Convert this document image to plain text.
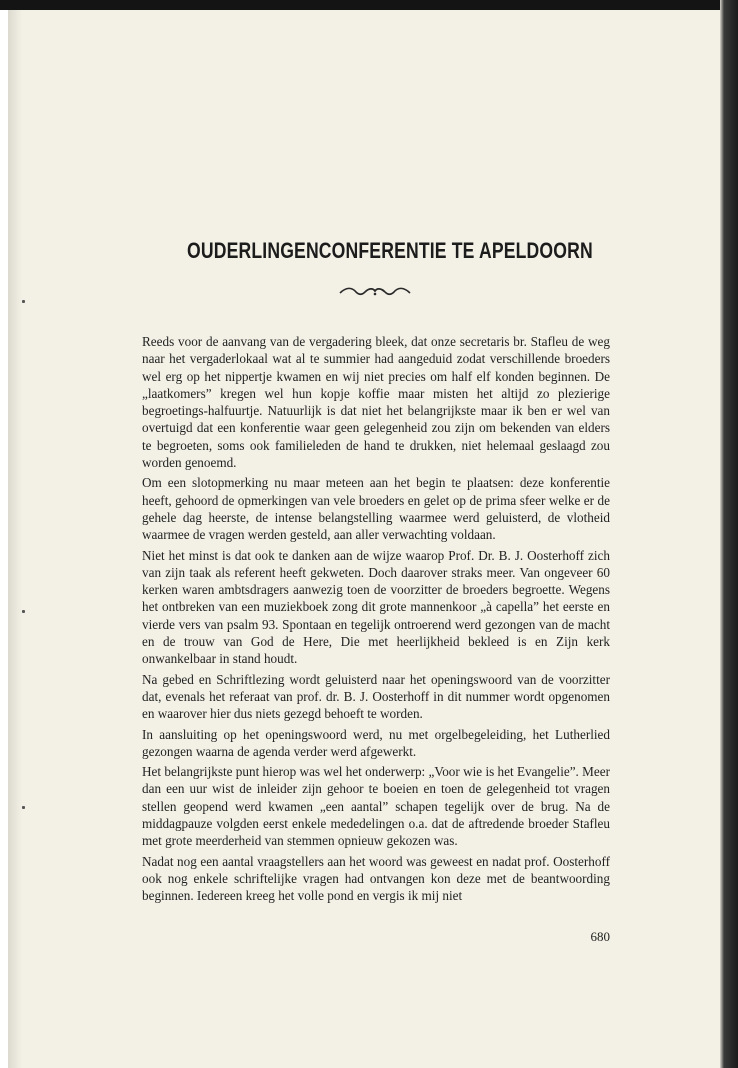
OUDERLINGENCONFERENTIE TE APELDOORN

Reeds voor de aanvang van de vergadering bleek, dat onze secretaris br. Stafleu de weg naar het vergaderlokaal wat al te summier had aangeduid zodat verschillende broeders wel erg op het nippertje kwamen en wij niet precies om half elf konden beginnen. De „laatkomers” kregen wel hun kopje koffie maar misten het altijd zo plezierige begroetings-halfuurtje. Natuurlijk is dat niet het belangrijkste maar ik ben er wel van overtuigd dat een konferentie waar geen gelegenheid zou zijn om bekenden van elders te begroeten, soms ook familieleden de hand te drukken, niet helemaal geslaagd zou worden genoemd.

Om een slotopmerking nu maar meteen aan het begin te plaatsen: deze konferentie heeft, gehoord de opmerkingen van vele broeders en gelet op de prima sfeer welke er de gehele dag heerste, de intense belangstelling waarmee werd geluisterd, de vlotheid waarmee de vragen werden gesteld, aan aller verwachting voldaan.

Niet het minst is dat ook te danken aan de wijze waarop Prof. Dr. B. J. Oosterhoff zich van zijn taak als referent heeft gekweten. Doch daarover straks meer. Van ongeveer 60 kerken waren ambtsdragers aanwezig toen de voorzitter de broeders begroette. Wegens het ontbreken van een muziekboek zong dit grote mannenkoor „à capella” het eerste en vierde vers van psalm 93. Spontaan en tegelijk ontroerend werd gezongen van de macht en de trouw van God de Here, Die met heerlijkheid bekleed is en Zijn kerk onwankelbaar in stand houdt.

Na gebed en Schriftlezing wordt geluisterd naar het openingswoord van de voorzitter dat, evenals het referaat van prof. dr. B. J. Oosterhoff in dit nummer wordt opgenomen en waarover hier dus niets gezegd behoeft te worden.

In aansluiting op het openingswoord werd, nu met orgelbegeleiding, het Lutherlied gezongen waarna de agenda verder werd afgewerkt.

Het belangrijkste punt hierop was wel het onderwerp: „Voor wie is het Evangelie”. Meer dan een uur wist de inleider zijn gehoor te boeien en toen de gelegenheid tot vragen stellen geopend werd kwamen „een aantal” schapen tegelijk over de brug. Na de middagpauze volgden eerst enkele mededelingen o.a. dat de aftredende broeder Stafleu met grote meerderheid van stemmen opnieuw gekozen was.

Nadat nog een aantal vraagstellers aan het woord was geweest en nadat prof. Oosterhoff ook nog enkele schriftelijke vragen had ontvangen kon deze met de beantwoording beginnen. Iedereen kreeg het volle pond en vergis ik mij niet

680
